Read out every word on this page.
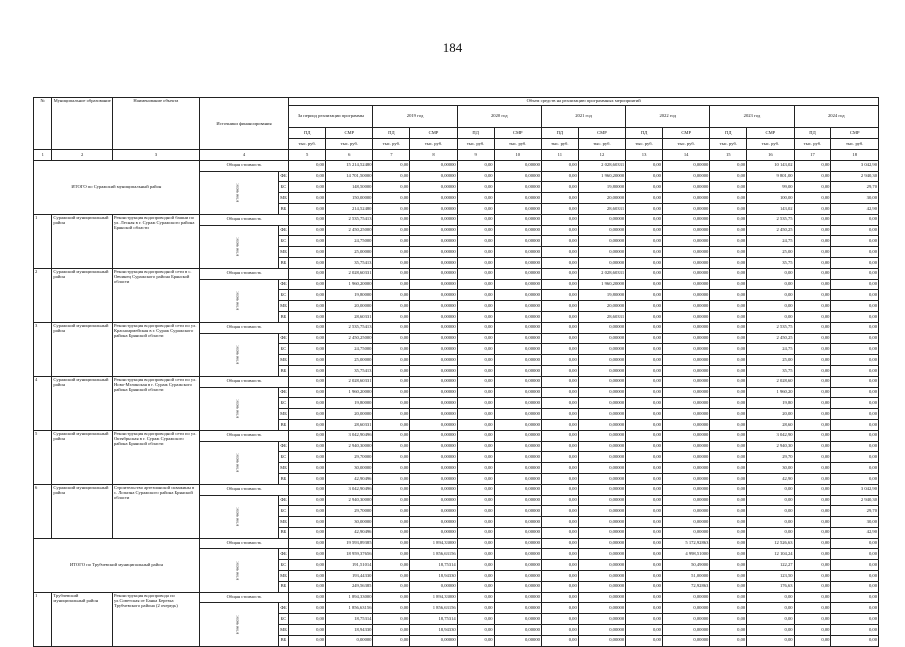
184
№	Муниципальное образование	Наименование объекта	Источники финансирования		Объем средств на реализацию программных мероприятий													
					За период реализации программы		2019 год		2020 год		2021 год		2022 год		2023 год		2024 год	
					ПД	СМР	ПД	СМР	ПД	СМР	ПД	СМР	ПД	СМР	ПД	СМР	ПД	СМР
					тыс. руб.	тыс. руб.	тыс. руб.	тыс. руб.	тыс. руб.	тыс. руб.	тыс. руб.	тыс. руб.	тыс. руб.	тыс. руб.	тыс. руб.	тыс. руб.	тыс. руб.	тыс. руб.
1	2	3	4		5	6	7	8	9	10	11	12	13	14	15	16	17	18
ИТОГО по Суражский муниципальный район			Общая стоимость		0,00	15 214,52480	0,00	0,00000	0,00	0,00000	0,00	2 028,60331	0,00	0,00000	0,00	10 143,02	0,00	3 042,90
			в том числе:	ФБ	0,00	14 701,50000	0,00	0,00000	0,00	0,00000	0,00	1 960,20000	0,00	0,00000	0,00	9 801,00	0,00	2 940,30
				БС	0,00	148,50000	0,00	0,00000	0,00	0,00000	0,00	19,80000	0,00	0,00000	0,00	99,00	0,00	29,70
				МБ	0,00	150,00000	0,00	0,00000	0,00	0,00000	0,00	20,00000	0,00	0,00000	0,00	100,00	0,00	30,00
				ВБ	0,00	214,52480	0,00	0,00000	0,00	0,00000	0,00	28,60331	0,00	0,00000	0,00	143,02	0,00	42,90
1	Суражский муниципальный район	Реконструкция водопроводной башни по ул. Лесная в г. Сураж Суражского района Брянской области	Общая стоимость		0,00	2 535,75413	0,00	0,00000	0,00	0,00000	0,00	0,00000	0,00	0,00000	0,00	2 535,75	0,00	0,00
			в том числе:	ФБ	0,00	2 450,25000	0,00	0,00000	0,00	0,00000	0,00	0,00000	0,00	0,00000	0,00	2 450,25	0,00	0,00
				БС	0,00	24,75000	0,00	0,00000	0,00	0,00000	0,00	0,00000	0,00	0,00000	0,00	24,75	0,00	0,00
				МБ	0,00	25,00000	0,00	0,00000	0,00	0,00000	0,00	0,00000	0,00	0,00000	0,00	25,00	0,00	0,00
				ВБ	0,00	35,75413	0,00	0,00000	0,00	0,00000	0,00	0,00000	0,00	0,00000	0,00	35,75	0,00	0,00
2	Суражский муниципальный район	Реконструкция водопроводной сети в с. Овчинец Суражского района Брянской области	Общая стоимость		0,00	2 028,60331	0,00	0,00000	0,00	0,00000	0,00	2 028,60331	0,00	0,00000	0,00	0,00	0,00	0,00
			в том числе:	ФБ	0,00	1 960,20000	0,00	0,00000	0,00	0,00000	0,00	1 960,20000	0,00	0,00000	0,00	0,00	0,00	0,00
				БС	0,00	19,80000	0,00	0,00000	0,00	0,00000	0,00	19,80000	0,00	0,00000	0,00	0,00	0,00	0,00
				МБ	0,00	20,00000	0,00	0,00000	0,00	0,00000	0,00	20,00000	0,00	0,00000	0,00	0,00	0,00	0,00
				ВБ	0,00	28,60331	0,00	0,00000	0,00	0,00000	0,00	28,60331	0,00	0,00000	0,00	0,00	0,00	0,00
3	Суражский муниципальный район	Реконструкция водопроводной сети по ул. Красноармейская в г. Сураж Суражского района Брянской области	Общая стоимость		0,00	2 535,75413	0,00	0,00000	0,00	0,00000	0,00	0,00000	0,00	0,00000	0,00	2 535,75	0,00	0,00
			в том числе:	ФБ	0,00	2 450,25000	0,00	0,00000	0,00	0,00000	0,00	0,00000	0,00	0,00000	0,00	2 450,25	0,00	0,00
				БС	0,00	24,75000	0,00	0,00000	0,00	0,00000	0,00	0,00000	0,00	0,00000	0,00	24,75	0,00	0,00
				МБ	0,00	25,00000	0,00	0,00000	0,00	0,00000	0,00	0,00000	0,00	0,00000	0,00	25,00	0,00	0,00
				ВБ	0,00	35,75413	0,00	0,00000	0,00	0,00000	0,00	0,00000	0,00	0,00000	0,00	35,75	0,00	0,00
4	Суражский муниципальный район	Реконструкция водопроводной сети по ул. Ново-Мглинская в г. Сураж Суражского района Брянской области	Общая стоимость		0,00	2 028,60331	0,00	0,00000	0,00	0,00000	0,00	0,00000	0,00	0,00000	0,00	2 028,60	0,00	0,00
			в том числе:	ФБ	0,00	1 960,20000	0,00	0,00000	0,00	0,00000	0,00	0,00000	0,00	0,00000	0,00	1 960,20	0,00	0,00
				БС	0,00	19,80000	0,00	0,00000	0,00	0,00000	0,00	0,00000	0,00	0,00000	0,00	19,80	0,00	0,00
				МБ	0,00	20,00000	0,00	0,00000	0,00	0,00000	0,00	0,00000	0,00	0,00000	0,00	20,00	0,00	0,00
				ВБ	0,00	28,60331	0,00	0,00000	0,00	0,00000	0,00	0,00000	0,00	0,00000	0,00	28,60	0,00	0,00
5	Суражский муниципальный район	Реконструкция водопроводной сети по ул. Октябрьская в г. Сураж Суражского района Брянской области	Общая стоимость		0,00	3 042,90496	0,00	0,00000	0,00	0,00000	0,00	0,00000	0,00	0,00000	0,00	3 042,90	0,00	0,00
			в том числе:	ФБ	0,00	2 940,30000	0,00	0,00000	0,00	0,00000	0,00	0,00000	0,00	0,00000	0,00	2 940,30	0,00	0,00
				БС	0,00	29,70000	0,00	0,00000	0,00	0,00000	0,00	0,00000	0,00	0,00000	0,00	29,70	0,00	0,00
				МБ	0,00	30,00000	0,00	0,00000	0,00	0,00000	0,00	0,00000	0,00	0,00000	0,00	30,00	0,00	0,00
				ВБ	0,00	42,90496	0,00	0,00000	0,00	0,00000	0,00	0,00000	0,00	0,00000	0,00	42,90	0,00	0,00
6	Суражский муниципальный район	Строительство артезианской скважины в с. Лопазна Суражского района Брянской области	Общая стоимость		0,00	3 042,90496	0,00	0,00000	0,00	0,00000	0,00	0,00000	0,00	0,00000	0,00	0,00	0,00	3 042,90
			в том числе:	ФБ	0,00	2 940,30000	0,00	0,00000	0,00	0,00000	0,00	0,00000	0,00	0,00000	0,00	0,00	0,00	2 940,30
				БС	0,00	29,70000	0,00	0,00000	0,00	0,00000	0,00	0,00000	0,00	0,00000	0,00	0,00	0,00	29,70
				МБ	0,00	30,00000	0,00	0,00000	0,00	0,00000	0,00	0,00000	0,00	0,00000	0,00	0,00	0,00	30,00
				ВБ	0,00	42,90496	0,00	0,00000	0,00	0,00000	0,00	0,00000	0,00	0,00000	0,00	0,00	0,00	42,90
ИТОГО по Трубчевский муниципальный район			Общая стоимость		0,00	19 593,89385	0,00	1 894,33000	0,00	0,00000	0,00	0,00000	0,00	5 172,92863	0,00	12 526,63	0,00	0,00
			в том числе:	ФБ	0,00	18 959,37656	0,00	1 856,63156	0,00	0,00000	0,00	0,00000	0,00	4 998,51000	0,00	12 104,24	0,00	0,00
				БС	0,00	191,51014	0,00	18,75314	0,00	0,00000	0,00	0,00000	0,00	50,49000	0,00	122,27	0,00	0,00
				МБ	0,00	193,44330	0,00	18,94330	0,00	0,00000	0,00	0,00000	0,00	51,00000	0,00	123,50	0,00	0,00
				ВБ	0,00	249,56385	0,00	0,00000	0,00	0,00000	0,00	0,00000	0,00	72,92863	0,00	176,63	0,00	0,00
1	Трубчевский муниципальный район	Реконструкция водопровода по ул.Советская от Банка Березка Трубчевского района (2 очередь)	Общая стоимость		0,00	1 894,33000	0,00	1 894,33000	0,00	0,00000	0,00	0,00000	0,00	0,00000	0,00	0,00	0,00	0,00
			в том числе:	ФБ	0,00	1 856,63156	0,00	1 856,63156	0,00	0,00000	0,00	0,00000	0,00	0,00000	0,00	0,00	0,00	0,00
				БС	0,00	18,75314	0,00	18,75314	0,00	0,00000	0,00	0,00000	0,00	0,00000	0,00	0,00	0,00	0,00
				МБ	0,00	18,94330	0,00	18,94330	0,00	0,00000	0,00	0,00000	0,00	0,00000	0,00	0,00	0,00	0,00
				ВБ	0,00	0,00000	0,00	0,00000	0,00	0,00000	0,00	0,00000	0,00	0,00000	0,00	0,00	0,00	0,00
